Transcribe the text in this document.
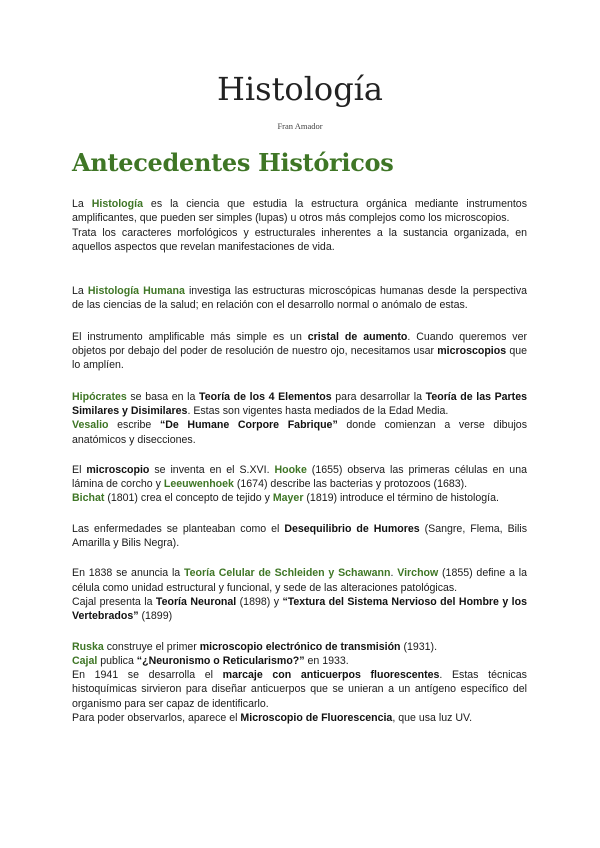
Histología
Fran Amador
Antecedentes Históricos

La Histología es la ciencia que estudia la estructura orgánica mediante instrumentos amplificantes, que pueden ser simples (lupas) u otros más complejos como los microscopios.

Trata los caracteres morfológicos y estructurales inherentes a la sustancia organizada, en aquellos aspectos que revelan manifestaciones de vida.

La Histología Humana investiga las estructuras microscópicas humanas desde la perspectiva de las ciencias de la salud; en relación con el desarrollo normal o anómalo de estas.

El instrumento amplificable más simple es un cristal de aumento. Cuando queremos ver objetos por debajo del poder de resolución de nuestro ojo, necesitamos usar microscopios que lo amplíen.

Hipócrates se basa en la Teoría de los 4 Elementos para desarrollar la Teoría de las Partes Similares y Disimilares. Estas son vigentes hasta mediados de la Edad Media.

Vesalio escribe “De Humane Corpore Fabrique” donde comienzan a verse dibujos anatómicos y disecciones.

El microscopio se inventa en el S.XVI. Hooke (1655) observa las primeras células en una lámina de corcho y Leeuwenhoek (1674) describe las bacterias y protozoos (1683).

Bichat (1801) crea el concepto de tejido y Mayer (1819) introduce el término de histología.

Las enfermedades se planteaban como el Desequilibrio de Humores (Sangre, Flema, Bilis Amarilla y Bilis Negra).

En 1838 se anuncia la Teoría Celular de Schleiden y Schawann. Virchow (1855) define a la célula como unidad estructural y funcional, y sede de las alteraciones patológicas.

Cajal presenta la Teoría Neuronal (1898) y “Textura del Sistema Nervioso del Hombre y los Vertebrados” (1899)

Ruska construye el primer microscopio electrónico de transmisión (1931).

Cajal publica “¿Neuronismo o Reticularismo?” en 1933.

En 1941 se desarrolla el marcaje con anticuerpos fluorescentes. Estas técnicas histoquímicas sirvieron para diseñar anticuerpos que se unieran a un antígeno específico del organismo para ser capaz de identificarlo.

Para poder observarlos, aparece el Microscopio de Fluorescencia, que usa luz UV.
